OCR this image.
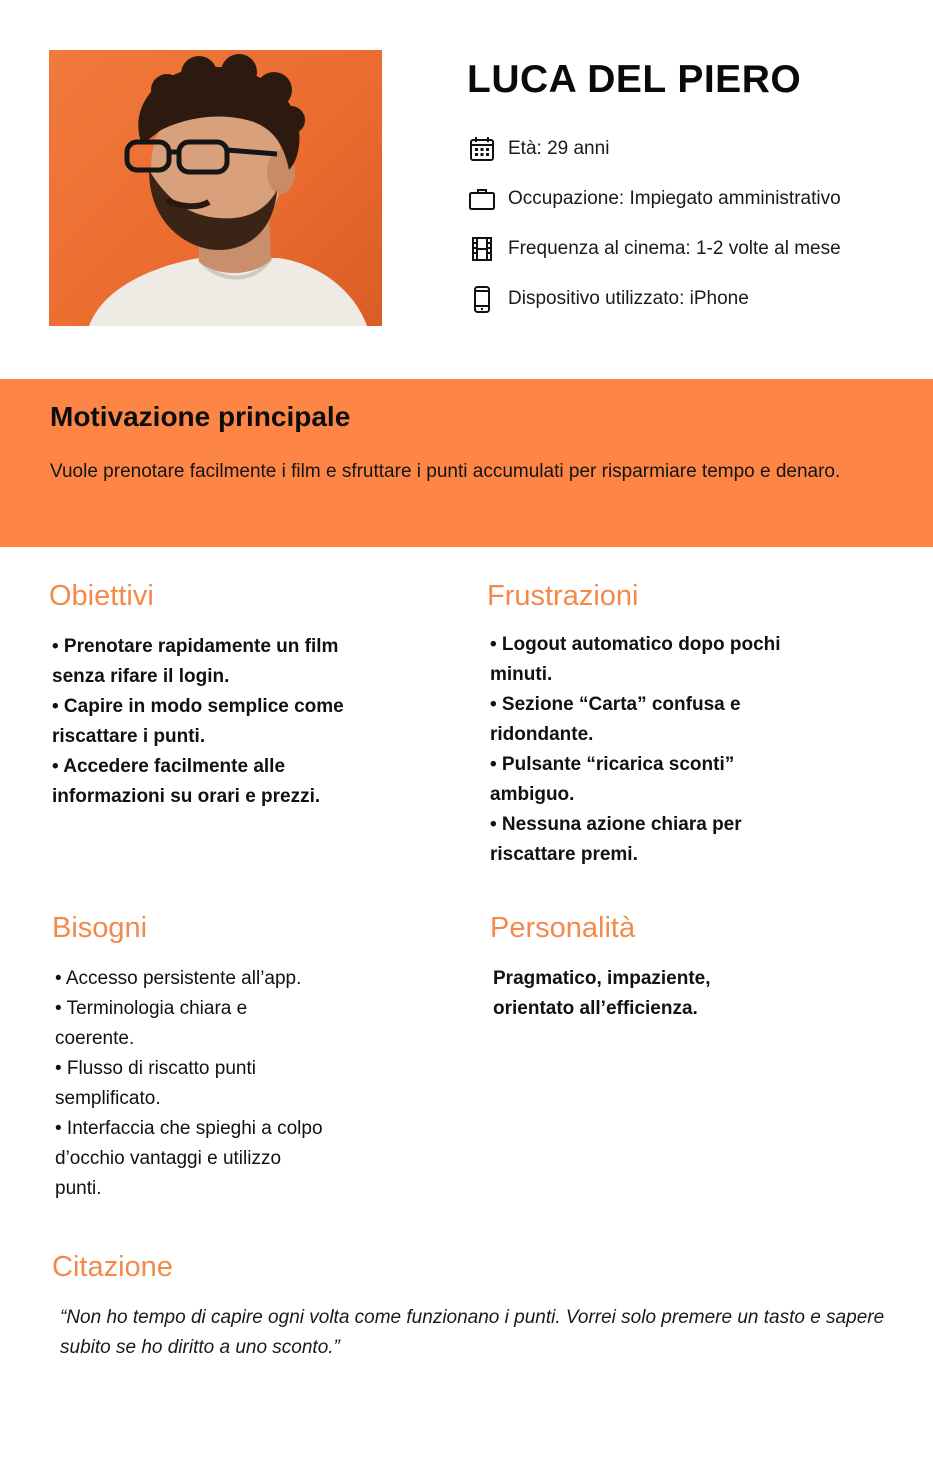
LUCA DEL PIERO
Età: 29 anni
Occupazione: Impiegato amministrativo
Frequenza al cinema: 1-2 volte al mese
Dispositivo utilizzato: iPhone
Motivazione principale

Vuole prenotare facilmente i film e sfruttare i punti accumulati per risparmiare tempo e denaro.

Obiettivi
• Prenotare rapidamente un film
senza rifare il login.
• Capire in modo semplice come
riscattare i punti.
• Accedere facilmente alle
informazioni su orari e prezzi.
Frustrazioni
• Logout automatico dopo pochi
minuti.
• Sezione “Carta” confusa e
ridondante.
• Pulsante “ricarica sconti”
ambiguo.
• Nessuna azione chiara per
riscattare premi.
Bisogni
• Accesso persistente all’app.
• Terminologia chiara e
coerente.
• Flusso di riscatto punti
semplificato.
• Interfaccia che spieghi a colpo
d’occhio vantaggi e utilizzo
punti.
Personalità
Pragmatico, impaziente,
orientato all’efficienza.
Citazione

“Non ho tempo di capire ogni volta come funzionano i punti. Vorrei solo premere un tasto e sapere subito se ho diritto a uno sconto.”
